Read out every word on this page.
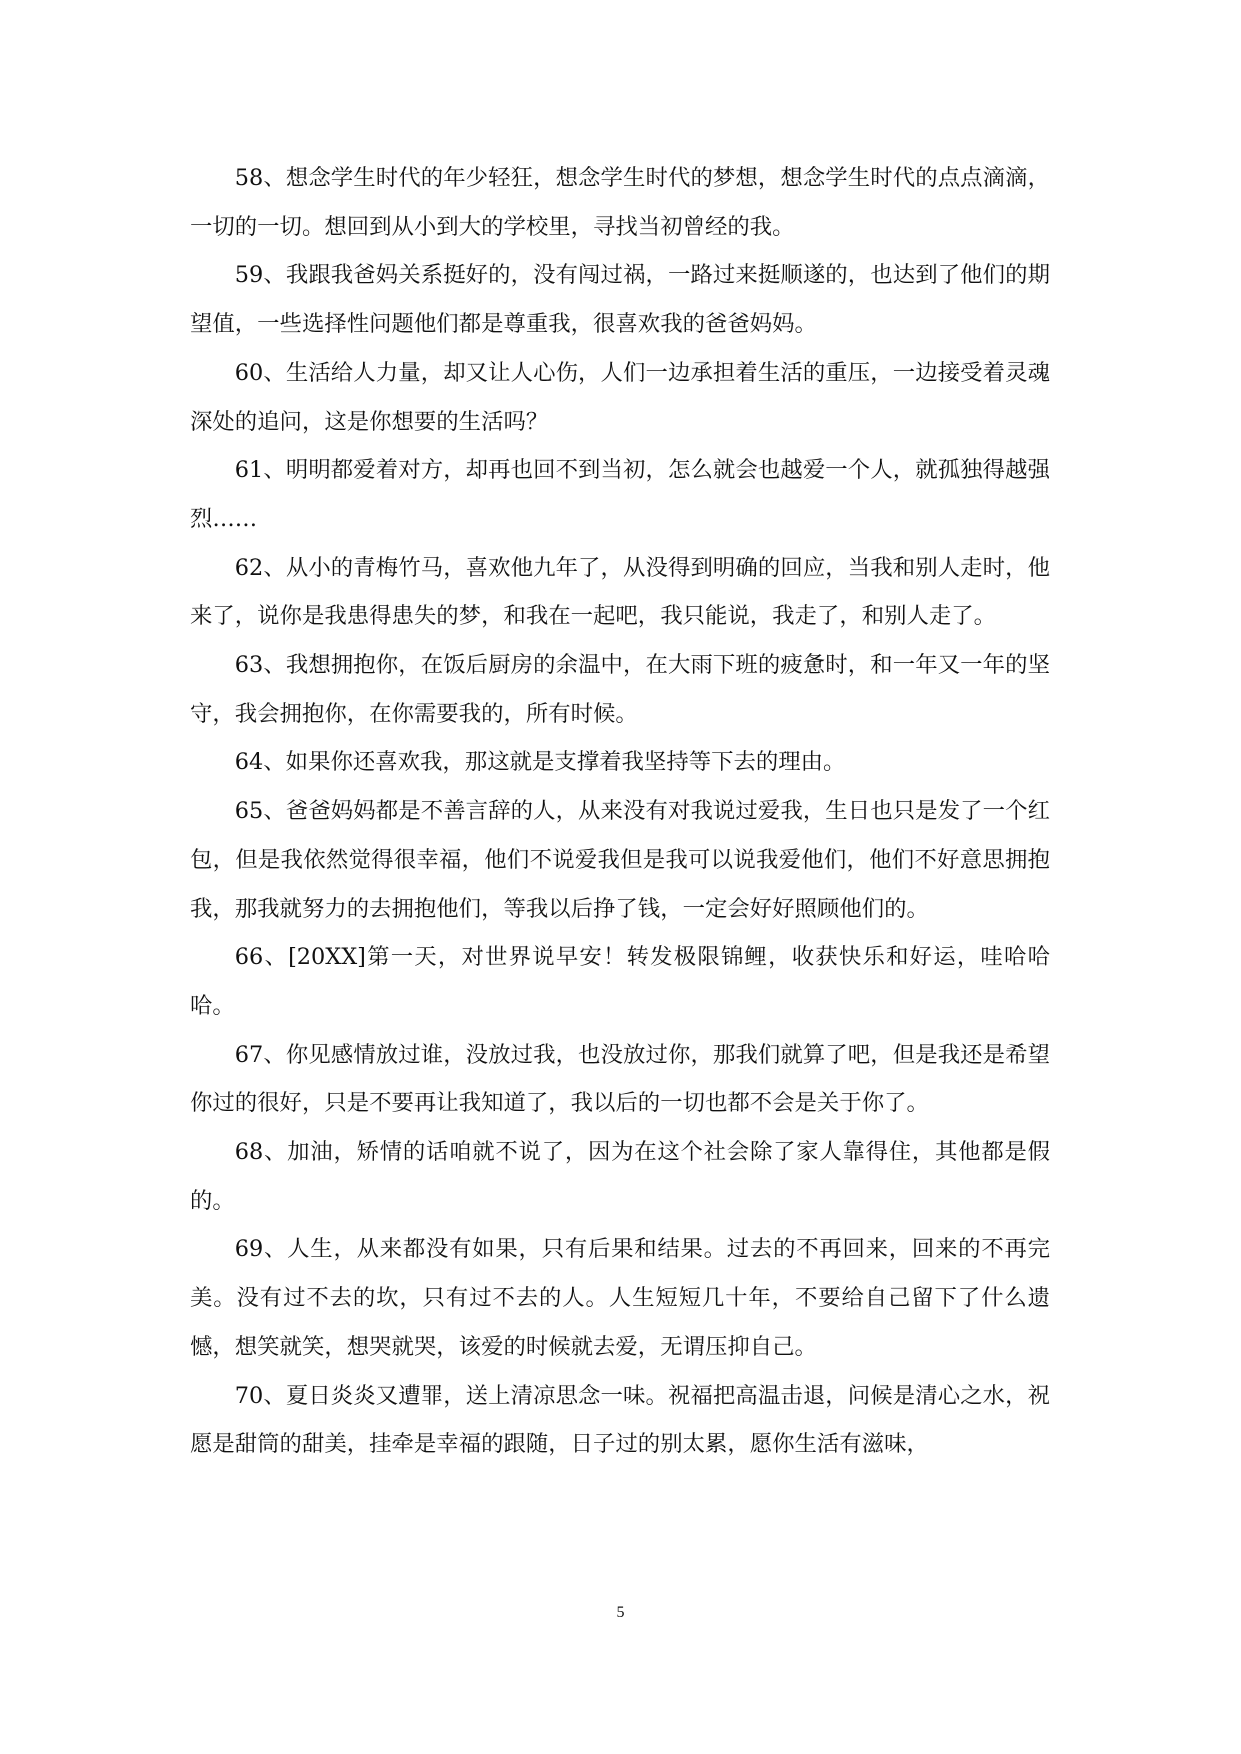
58、想念学生时代的年少轻狂，想念学生时代的梦想，想念学生时代的点点滴滴，一切的一切。想回到从小到大的学校里，寻找当初曾经的我。

59、我跟我爸妈关系挺好的，没有闯过祸，一路过来挺顺遂的，也达到了他们的期望值，一些选择性问题他们都是尊重我，很喜欢我的爸爸妈妈。

60、生活给人力量，却又让人心伤，人们一边承担着生活的重压，一边接受着灵魂深处的追问，这是你想要的生活吗？

61、明明都爱着对方，却再也回不到当初，怎么就会也越爱一个人，就孤独得越强烈……

62、从小的青梅竹马，喜欢他九年了，从没得到明确的回应，当我和别人走时，他来了，说你是我患得患失的梦，和我在一起吧，我只能说，我走了，和别人走了。

63、我想拥抱你，在饭后厨房的余温中，在大雨下班的疲惫时，和一年又一年的坚守，我会拥抱你，在你需要我的，所有时候。

64、如果你还喜欢我，那这就是支撑着我坚持等下去的理由。

65、爸爸妈妈都是不善言辞的人，从来没有对我说过爱我，生日也只是发了一个红包，但是我依然觉得很幸福，他们不说爱我但是我可以说我爱他们，他们不好意思拥抱我，那我就努力的去拥抱他们，等我以后挣了钱，一定会好好照顾他们的。

66、[20XX]第一天，对世界说早安！转发极限锦鲤，收获快乐和好运，哇哈哈哈。

67、你见感情放过谁，没放过我，也没放过你，那我们就算了吧，但是我还是希望你过的很好，只是不要再让我知道了，我以后的一切也都不会是关于你了。

68、加油，矫情的话咱就不说了，因为在这个社会除了家人靠得住，其他都是假的。

69、人生，从来都没有如果，只有后果和结果。过去的不再回来，回来的不再完美。没有过不去的坎，只有过不去的人。人生短短几十年，不要给自己留下了什么遗憾，想笑就笑，想哭就哭，该爱的时候就去爱，无谓压抑自己。

70、夏日炎炎又遭罪，送上清凉思念一味。祝福把高温击退，问候是清心之水，祝愿是甜筒的甜美，挂牵是幸福的跟随，日子过的别太累，愿你生活有滋味，

5
